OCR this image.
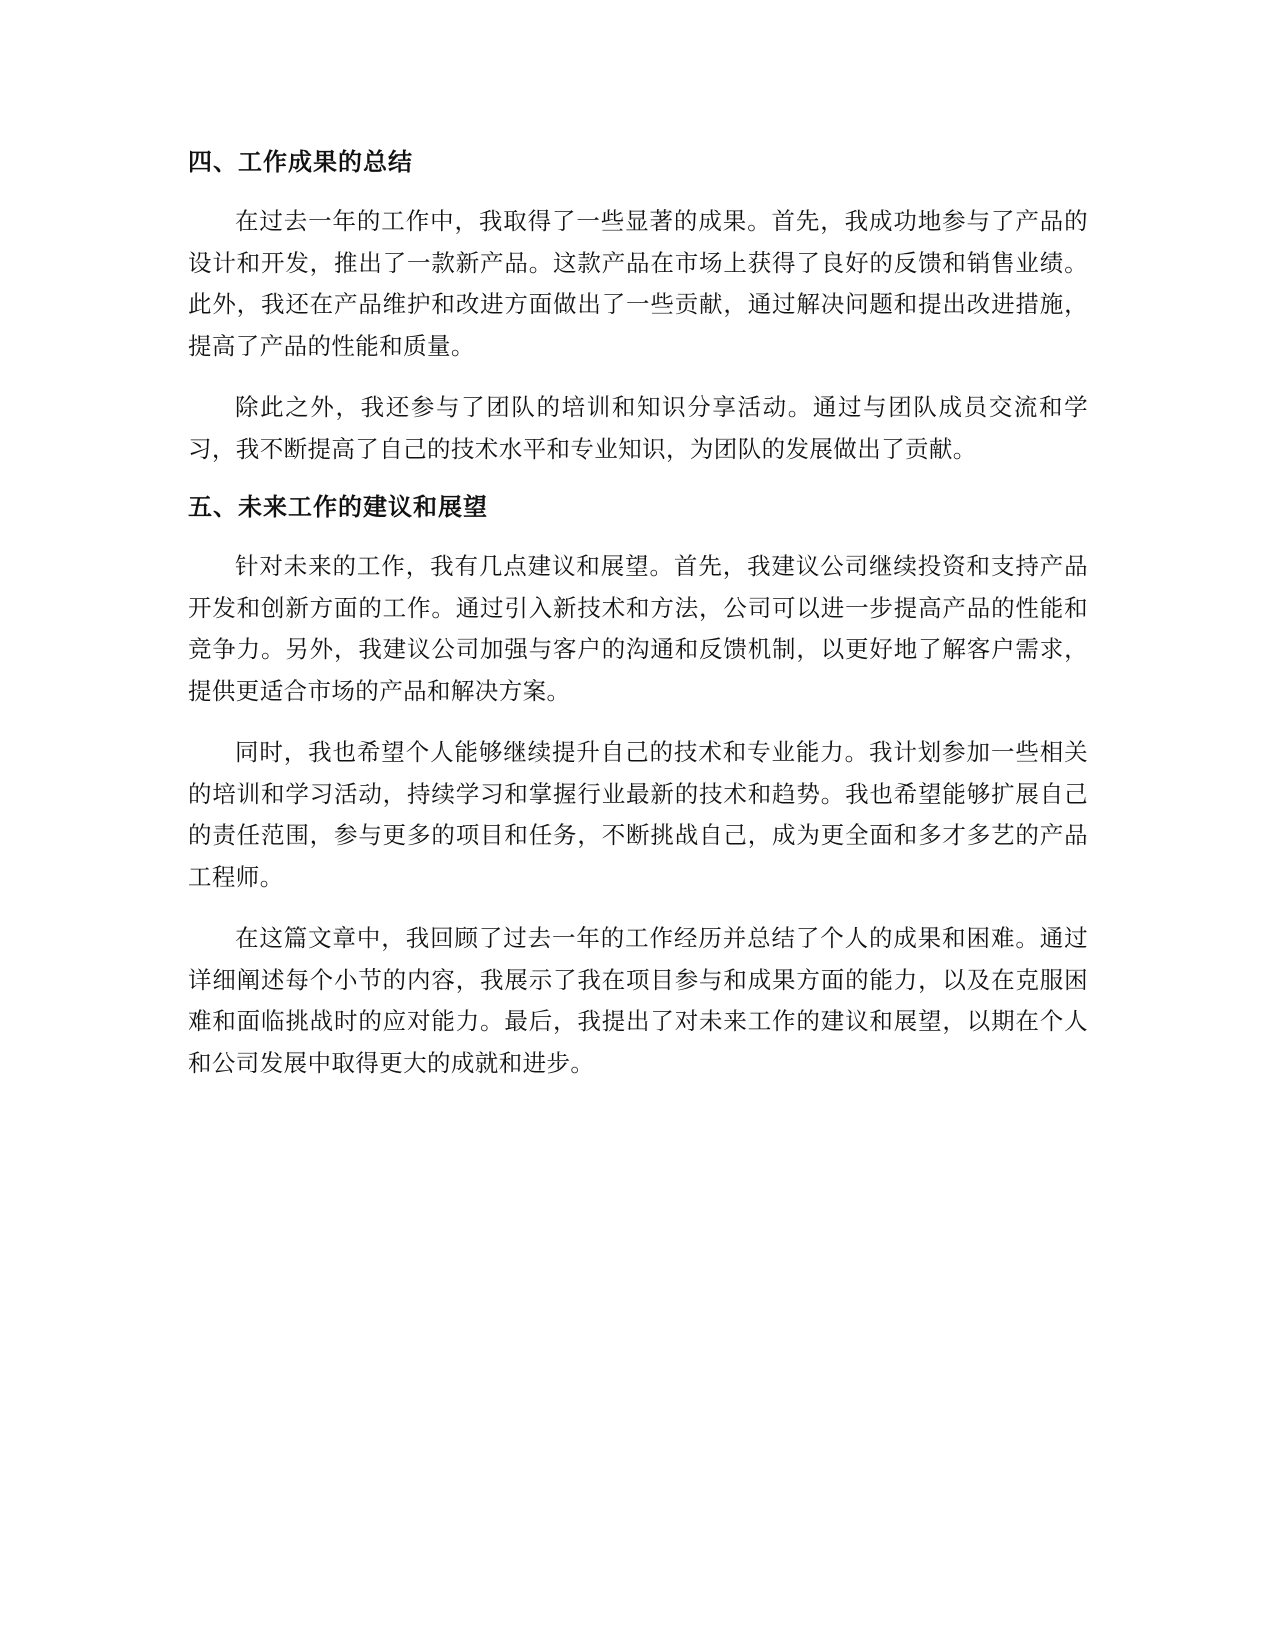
四、工作成果的总结

在过去一年的工作中，我取得了一些显著的成果。首先，我成功地参与了产品的设计和开发，推出了一款新产品。这款产品在市场上获得了良好的反馈和销售业绩。此外，我还在产品维护和改进方面做出了一些贡献，通过解决问题和提出改进措施，提高了产品的性能和质量。

除此之外，我还参与了团队的培训和知识分享活动。通过与团队成员交流和学习，我不断提高了自己的技术水平和专业知识，为团队的发展做出了贡献。

五、未来工作的建议和展望

针对未来的工作，我有几点建议和展望。首先，我建议公司继续投资和支持产品开发和创新方面的工作。通过引入新技术和方法，公司可以进一步提高产品的性能和竞争力。另外，我建议公司加强与客户的沟通和反馈机制，以更好地了解客户需求，提供更适合市场的产品和解决方案。

同时，我也希望个人能够继续提升自己的技术和专业能力。我计划参加一些相关的培训和学习活动，持续学习和掌握行业最新的技术和趋势。我也希望能够扩展自己的责任范围，参与更多的项目和任务，不断挑战自己，成为更全面和多才多艺的产品工程师。

在这篇文章中，我回顾了过去一年的工作经历并总结了个人的成果和困难。通过详细阐述每个小节的内容，我展示了我在项目参与和成果方面的能力，以及在克服困难和面临挑战时的应对能力。最后，我提出了对未来工作的建议和展望，以期在个人和公司发展中取得更大的成就和进步。
